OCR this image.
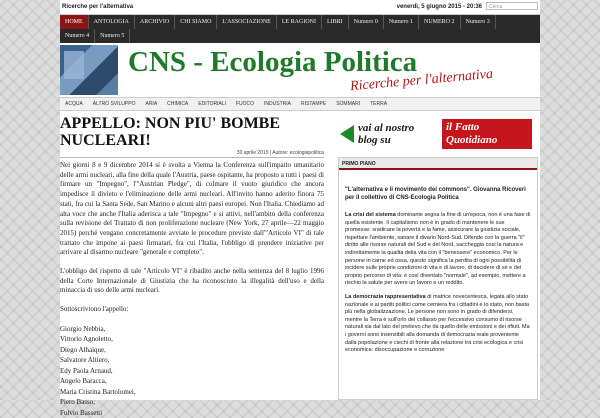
Ricerche per l'alternativa	venerdì, 5 giugno 2015 - 20:36	Cerca
HOME	ANTOLOGIA	ARCHIVIO	CHI SIAMO	L'ASSOCIAZIONE	LE RAGIONI	LIBRI	Numero 0	Numero 1	NUMERO 2	Numero 3
Numero 4	Numero 5
CNS - Ecologia Politica
Ricerche per l'alternativa
ACQUA	ALTRO SVILUPPO	ARIA	CHIMICA	EDITORIALI	FUOCO	INDUSTRIA	RISTAMPE	SOMMARI	TERRA
APPELLO: NON PIU' BOMBE NUCLEARI!
30 aprile 2015 | Autore: ecologiapolitica

Nei giorni 8 e 9 dicembre 2014 si è svolta a Vienna la Conferenza sull'impatto umanitario delle armi nucleari, alla fine della quale l'Austria, paese ospitante, ha proposto a tutti i paesi di firmare un "Impegno", l'"Austrian Pledge", di colmare il vuoto giuridico che ancora impedisce il divieto e l'eliminazione delle armi nucleari. All'invito hanno aderito finora 75 stati, fra cui la Santa Sede, San Marino e alcuni altri paesi europei. Non l'Italia. Chiediamo ad alta voce che anche l'Italia aderisca a tale "Impegno" e si attivi, nell'ambito della conferenza sulla revisione del Trattato di non proliferazione nucleare (New York, 27 aprile—22 maggio 2015) perché vengano concretamente avviate le procedure previste dall'"Articolo VI" di tale trattato che impone ai paesi firmatari, fra cui l'Italia, l'obbligo di prendere iniziative per arrivare al disarmo nucleare "generale e completo".

L'obbligo del rispetto di tale "Articolo VI" è ribadito anche nella sentenza del 8 luglio 1996 della Corte Internazionale di Giustizia che ha riconosciuto la illegalità dell'uso e della minaccia di uso delle armi nucleari.

Sottoscriviono l'appello:

Giorgio Nebbia,
Vittorio Agnoletto,
Diego Alhaique,
Salvatore Altiero,
Edy Paola Arnaud,
Angelo Baracca,
Maria Cristina Bartolomei,
Piero Basso,
Fulvio Bassetti
vai al nostro blog su
il Fatto
Quotidiano
PRIMO PIANO
"L'alternativa e il movimento dei commons". Giovanna Ricoveri per il collettivo di CNS-Ecologia Politica
La crisi del sistema dominante segna la fine di un'epoca, non è una fase di quella esistente. Il capitalismo non è in grado di mantenere le sue promesse: sradicare la povertà e la fame, assicurare la giustizia sociale, rispettare l'ambiente, sanare il divario Nord-Sud. Difende con la guerra "il" diritto alle risorse naturali del Sud e del Nord, saccheggia così la natura e indirettamente la qualità della vita con il "benessere" economico. Per le persone in carne ed ossa, questo significa la perdita di ogni possibilità di incidere sulle proprie condizioni di vita e di lavoro, di decidere di sé e del proprio percorso di vita: è così diventato "normale", ad esempio, mettere a rischio la salute per avere un lavoro e un reddito.
La democrazia rappresentativa di matrice novecentesca, legata allo stato nazionale e ai partiti politici come cerniera fra i cittadini e lo stato, non basta più nella globalizzazione. Le persone non sono in grado di difendersi, mentre la Terra è sull'orlo del collasso per l'eccessivo consumo di risorse naturali sia dal lato del prelievo che da quello delle emissioni e dei rifiuti. Ma i governi sono insensibili alla domanda di democrazia reale proveniente dalla popolazione e ciechi di fronte alla relazione tra crisi ecologica e crisi economica: disoccupazione e corruzione
